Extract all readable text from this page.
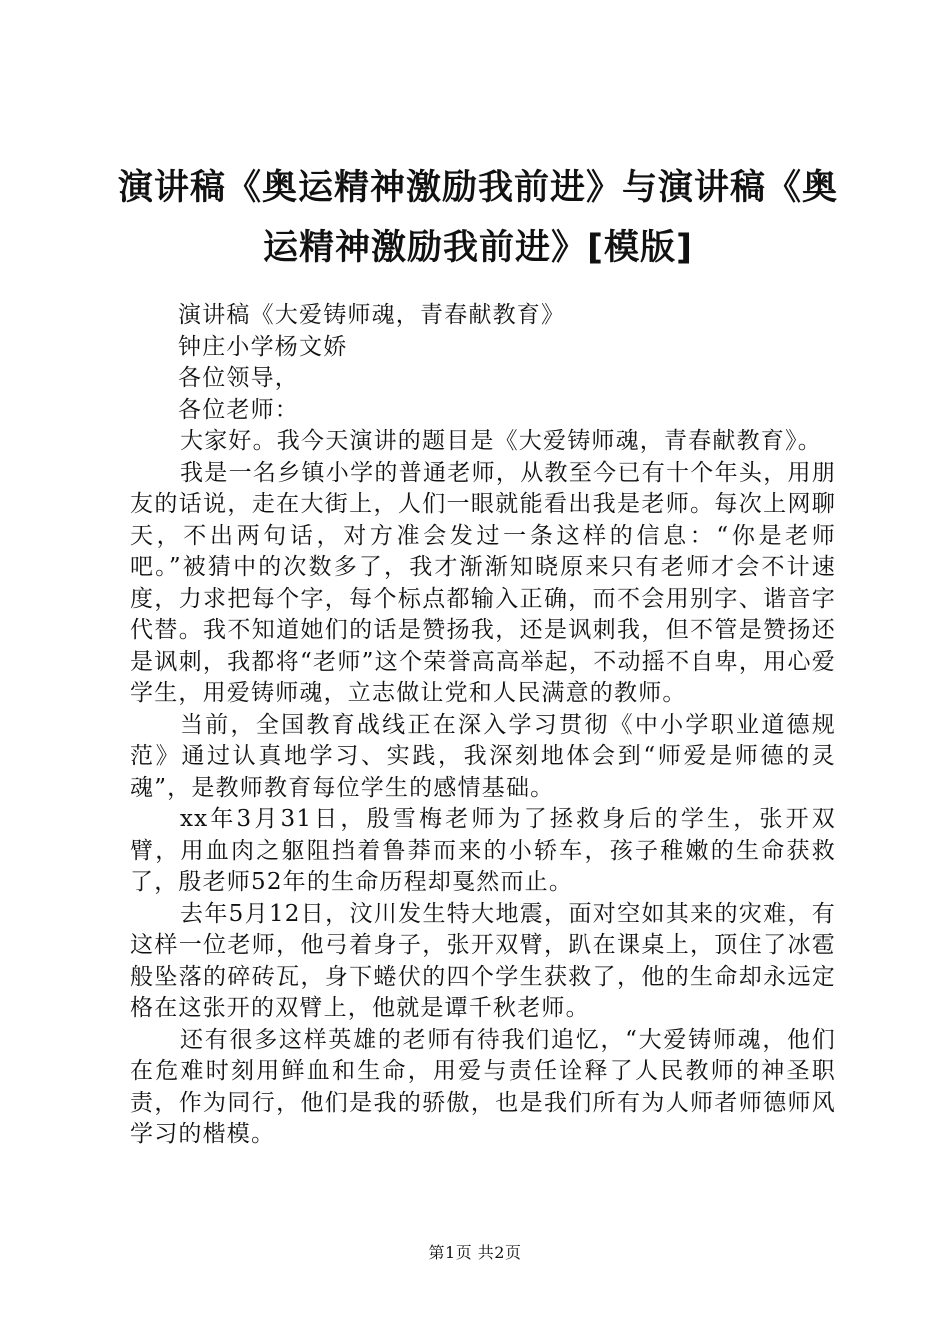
演讲稿《奥运精神激励我前进》与演讲稿《奥运精神激励我前进》[模版]

演讲稿《大爱铸师魂，青春献教育》

钟庄小学杨文娇

各位领导，

各位老师：

大家好。我今天演讲的题目是《大爱铸师魂，青春献教育》。

我是一名乡镇小学的普通老师，从教至今已有十个年头，用朋友的话说，走在大街上，人们一眼就能看出我是老师。每次上网聊天，不出两句话，对方准会发过一条这样的信息：“你是老师吧。”被猜中的次数多了，我才渐渐知晓原来只有老师才会不计速度，力求把每个字，每个标点都输入正确，而不会用别字、谐音字代替。我不知道她们的话是赞扬我，还是讽刺我，但不管是赞扬还是讽刺，我都将“老师”这个荣誉高高举起，不动摇不自卑，用心爱学生，用爱铸师魂，立志做让党和人民满意的教师。

当前，全国教育战线正在深入学习贯彻《中小学职业道德规范》通过认真地学习、实践，我深刻地体会到“师爱是师德的灵魂”，是教师教育每位学生的感情基础。

xx年3月31日，殷雪梅老师为了拯救身后的学生，张开双臂，用血肉之躯阻挡着鲁莽而来的小轿车，孩子稚嫩的生命获救了，殷老师52年的生命历程却戛然而止。

去年5月12日，汶川发生特大地震，面对空如其来的灾难，有这样一位老师，他弓着身子，张开双臂，趴在课桌上，顶住了冰雹般坠落的碎砖瓦，身下蜷伏的四个学生获救了，他的生命却永远定格在这张开的双臂上，他就是谭千秋老师。

还有很多这样英雄的老师有待我们追忆，“大爱铸师魂，他们在危难时刻用鲜血和生命，用爱与责任诠释了人民教师的神圣职责，作为同行，他们是我的骄傲，也是我们所有为人师者师德师风学习的楷模。

第1页 共2页
